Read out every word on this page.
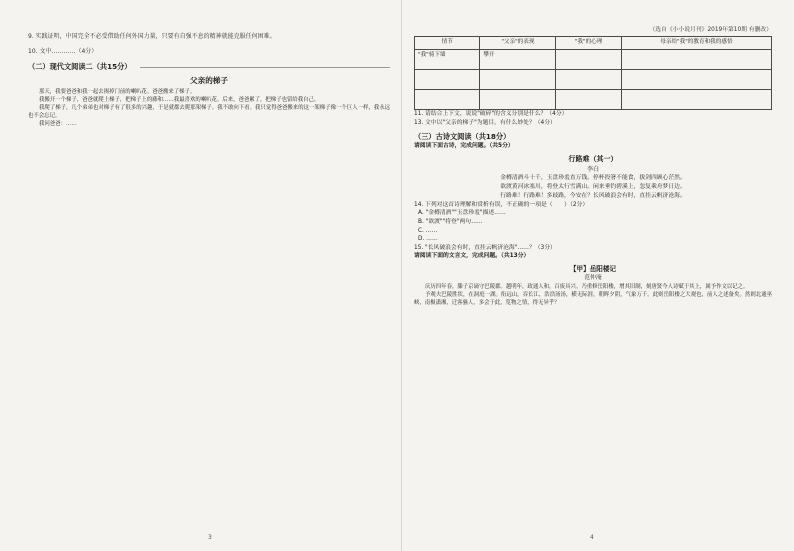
9. 实践证明，中国完全不必受借助任何外国力量，只要有自强不息的精神就能克服任何困难。

10. 文中…………（4分）

（二）现代文阅读二（共15分）
父亲的梯子

那天，我要爸爸和我一起去揭掉门前的喇叭花。爸爸搬来了梯子。

我搬开一个梯子，爸爸就爬上梯子，把梯子上的藤和……我最喜欢的喇叭花。后来，爸爸累了，把梯子也留给我自己。

我爬了梯子，几个弟弟也对梯子有了很多的兴趣，于是就都去爬那架梯子。我不敢向下看。我只觉得爸爸搬来的这一架梯子像一个巨人一样，我永远也不会忘记。

我问爸爸：……

3
（选自《小小说月刊》2019年第10期 有删改）
情节	"父亲"的表现	"我"的心理	母亲给"我"的教育和我的感悟
"我"骑下墙	攀开		

11. 请结合上下文，说说"破碎"的含义分别是什么？（4分）

13. 文中以"父亲的梯子"为题目，有什么妙处？（4分）

（三）古诗文阅读（共18分）

请阅读下面古诗，完成问题。（共5分）

行路难（其一）
李白

金樽清酒斗十千，玉盘珍羞直万钱。停杯投箸不能食，拔剑四顾心茫然。

欲渡黄河冰塞川，将登太行雪满山。闲来垂钓碧溪上，忽复乘舟梦日边。

行路难！行路难！多歧路，今安在？长风破浪会有时，直挂云帆济沧海。

14. 下列对这首诗理解和赏析有误，不正确的一项是（　　）（2分）

A. "金樽清酒""玉盘珍羞"描述……

B. "欲渡""将登"两句……

C. ……

D. ……

15. "长风破浪会有时，直挂云帆济沧海"……？（3分）

请阅读下面的文言文，完成问题。（共13分）

【甲】岳阳楼记
范仲淹

庆历四年春，滕子京谪守巴陵郡。越明年，政通人和，百废具兴。乃重修岳阳楼，增其旧制，刻唐贤今人诗赋于其上，属予作文以记之。

予观夫巴陵胜状，在洞庭一湖。衔远山，吞长江，浩浩汤汤，横无际涯，朝晖夕阴，气象万千。此则岳阳楼之大观也，前人之述备矣。然则北通巫峡，南极潇湘，迁客骚人，多会于此，览物之情，得无异乎？

4
